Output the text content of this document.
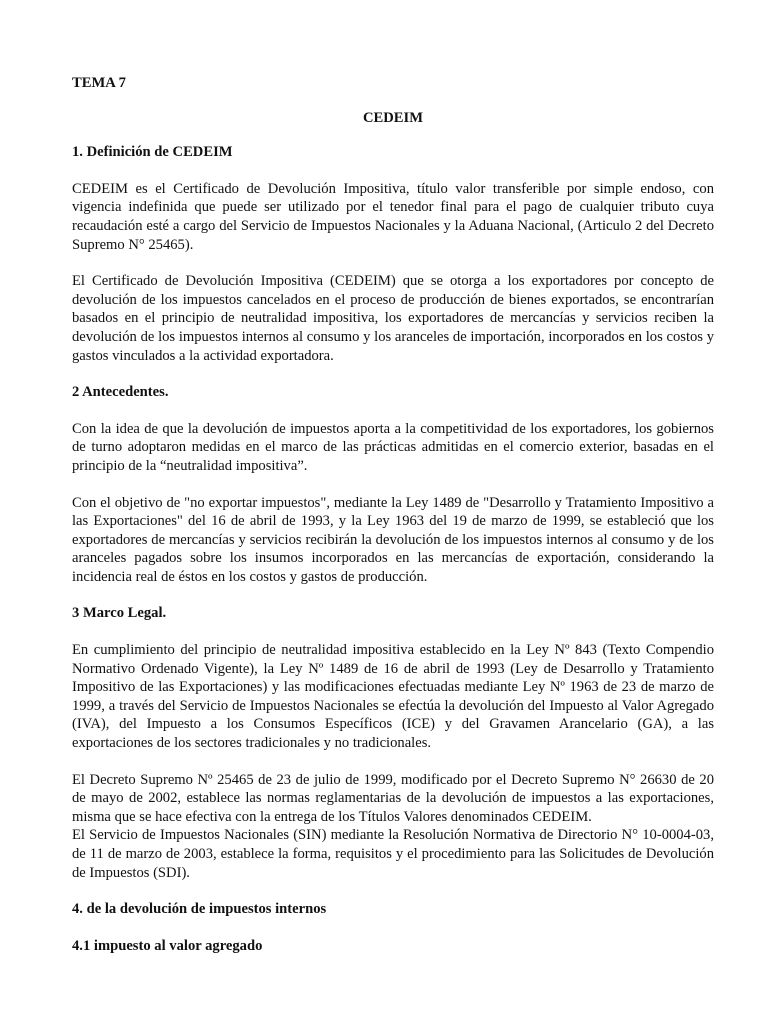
TEMA 7
CEDEIM
1. Definición de CEDEIM

CEDEIM es el Certificado de Devolución Impositiva, título valor transferible por simple endoso, con vigencia indefinida que puede ser utilizado por el tenedor final para el pago de cualquier tributo cuya recaudación esté a cargo del Servicio de Impuestos Nacionales y la Aduana Nacional, (Articulo 2 del Decreto Supremo N° 25465).

El Certificado de Devolución Impositiva (CEDEIM) que se otorga a los exportadores por concepto de devolución de los impuestos cancelados en el proceso de producción de bienes exportados, se encontrarían basados en el principio de neutralidad impositiva, los exportadores de mercancías y servicios reciben la devolución de los impuestos internos al consumo y los aranceles de importación, incorporados en los costos y gastos vinculados a la actividad exportadora.

2 Antecedentes.

Con la idea de que la devolución de impuestos aporta a la competitividad de los exportadores, los gobiernos de turno adoptaron medidas en el marco de las prácticas admitidas en el comercio exterior, basadas en el principio de la “neutralidad impositiva”.

Con el objetivo de "no exportar impuestos", mediante la Ley 1489 de "Desarrollo y Tratamiento Impositivo a las Exportaciones" del 16 de abril de 1993, y la Ley 1963 del 19 de marzo de 1999, se estableció que los exportadores de mercancías y servicios recibirán la devolución de los impuestos internos al consumo y de los aranceles pagados sobre los insumos incorporados en las mercancías de exportación, considerando la incidencia real de éstos en los costos y gastos de producción.

3 Marco Legal.

En cumplimiento del principio de neutralidad impositiva establecido en la Ley Nº 843 (Texto Compendio Normativo Ordenado Vigente), la Ley Nº 1489 de 16 de abril de 1993 (Ley de Desarrollo y Tratamiento Impositivo de las Exportaciones) y las modificaciones efectuadas mediante Ley Nº 1963 de 23 de marzo de 1999, a través del Servicio de Impuestos Nacionales se efectúa la devolución del Impuesto al Valor Agregado (IVA), del Impuesto a los Consumos Específicos (ICE) y del Gravamen Arancelario (GA), a las exportaciones de los sectores tradicionales y no tradicionales.

El Decreto Supremo Nº 25465 de 23 de julio de 1999, modificado por el Decreto Supremo N° 26630 de 20 de mayo de 2002, establece las normas reglamentarias de la devolución de impuestos a las exportaciones, misma que se hace efectiva con la entrega de los Títulos Valores denominados CEDEIM.

El Servicio de Impuestos Nacionales (SIN) mediante la Resolución Normativa de Directorio N° 10-0004-03, de 11 de marzo de 2003, establece la forma, requisitos y el procedimiento para las Solicitudes de Devolución de Impuestos (SDI).

4. de la devolución de impuestos internos
4.1 impuesto al valor agregado
